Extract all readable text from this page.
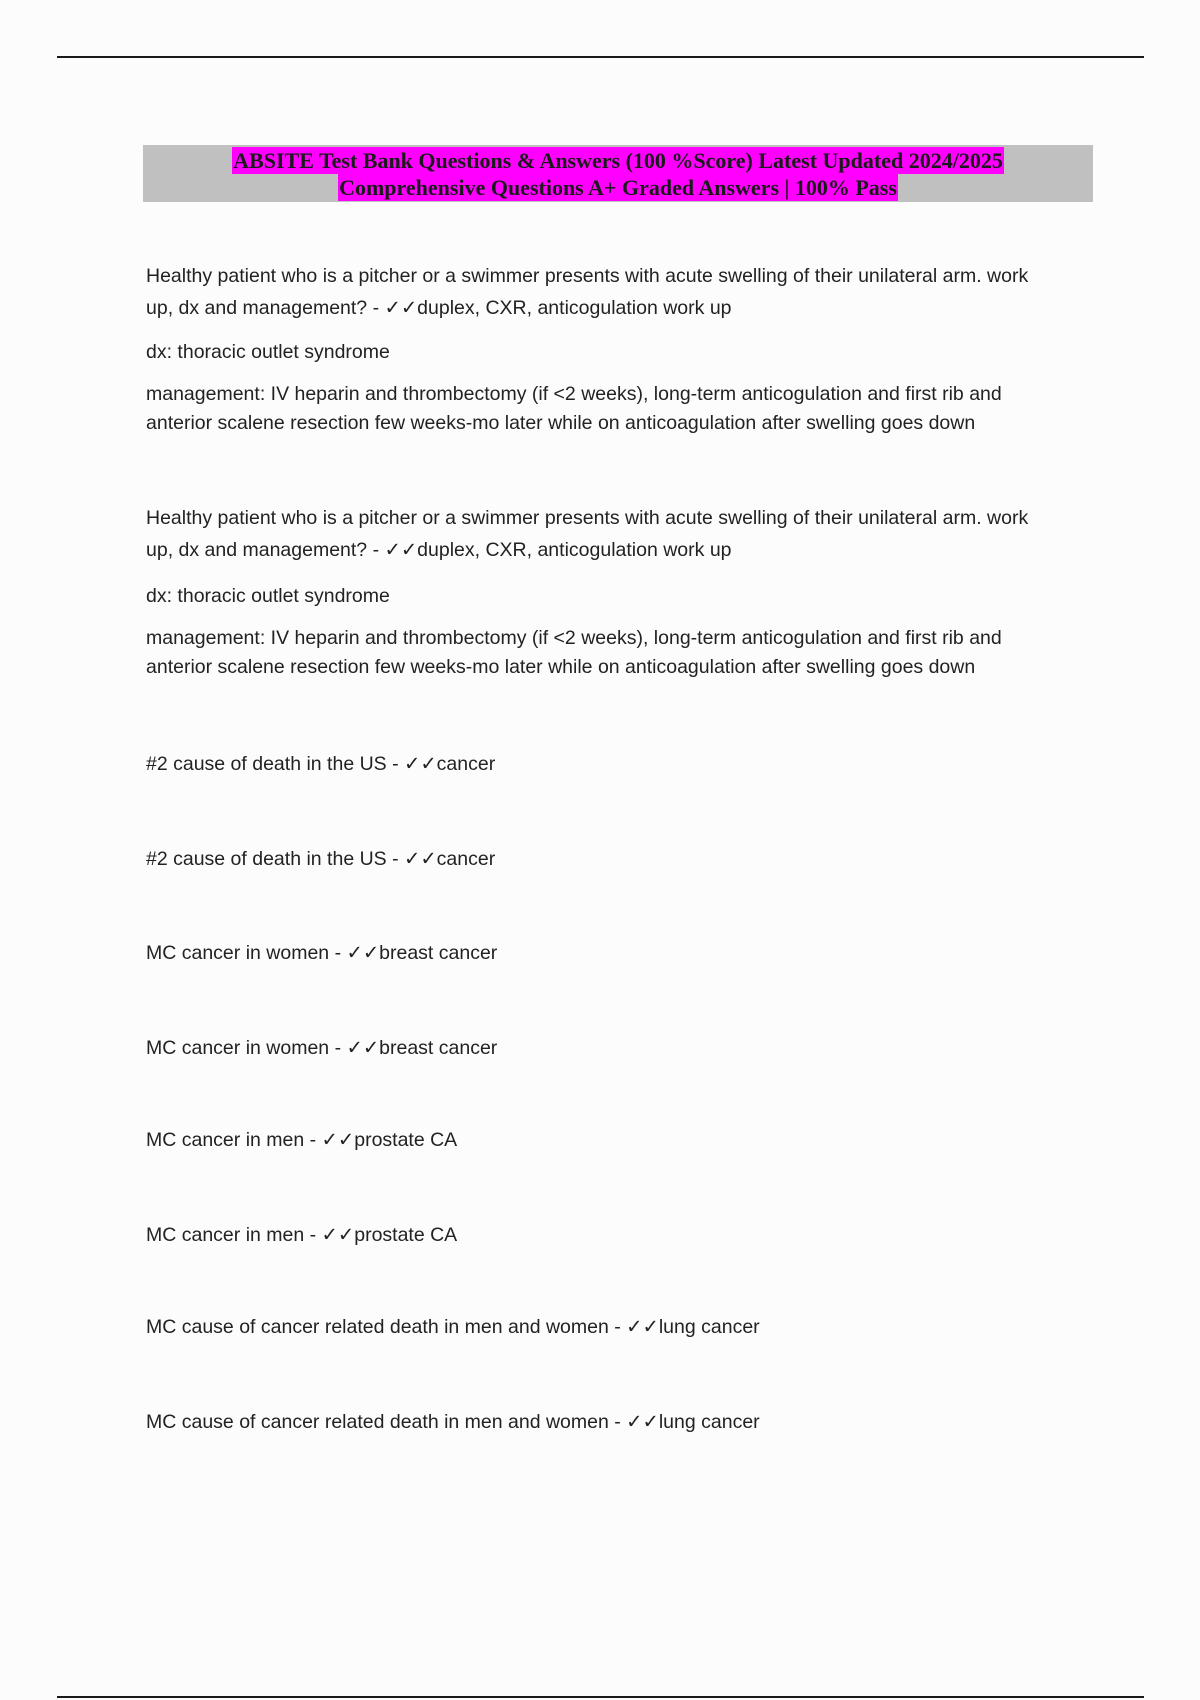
ABSITE Test Bank Questions & Answers (100 %Score) Latest Updated 2024/2025
Comprehensive Questions A+ Graded Answers | 100% Pass

Healthy patient who is a pitcher or a swimmer presents with acute swelling of their unilateral arm. work

up, dx and management? - ✓✓duplex, CXR, anticogulation work up

dx: thoracic outlet syndrome

management: IV heparin and thrombectomy (if <2 weeks), long-term anticogulation and first rib and

anterior scalene resection few weeks-mo later while on anticoagulation after swelling goes down

Healthy patient who is a pitcher or a swimmer presents with acute swelling of their unilateral arm. work

up, dx and management? - ✓✓duplex, CXR, anticogulation work up

dx: thoracic outlet syndrome

management: IV heparin and thrombectomy (if <2 weeks), long-term anticogulation and first rib and

anterior scalene resection few weeks-mo later while on anticoagulation after swelling goes down

#2 cause of death in the US - ✓✓cancer
#2 cause of death in the US - ✓✓cancer
MC cancer in women - ✓✓breast cancer
MC cancer in women - ✓✓breast cancer
MC cancer in men - ✓✓prostate CA
MC cancer in men - ✓✓prostate CA
MC cause of cancer related death in men and women - ✓✓lung cancer
MC cause of cancer related death in men and women - ✓✓lung cancer
